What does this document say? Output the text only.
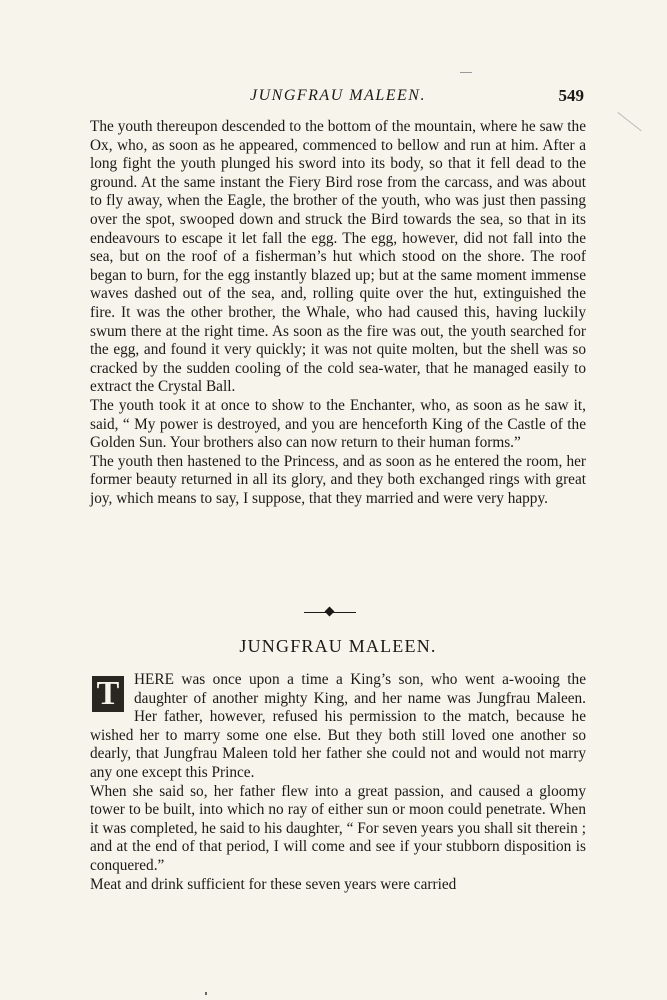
JUNGFRAU MALEEN.	549

The youth thereupon descended to the bottom of the mountain, where he saw the Ox, who, as soon as he appeared, commenced to bellow and run at him. After a long fight the youth plunged his sword into its body, so that it fell dead to the ground. At the same instant the Fiery Bird rose from the carcass, and was about to fly away, when the Eagle, the brother of the youth, who was just then passing over the spot, swooped down and struck the Bird towards the sea, so that in its endeavours to escape it let fall the egg. The egg, however, did not fall into the sea, but on the roof of a fisherman’s hut which stood on the shore. The roof began to burn, for the egg instantly blazed up; but at the same moment immense waves dashed out of the sea, and, rolling quite over the hut, extinguished the fire. It was the other brother, the Whale, who had caused this, having luckily swum there at the right time. As soon as the fire was out, the youth searched for the egg, and found it very quickly; it was not quite molten, but the shell was so cracked by the sudden cooling of the cold sea-water, that he managed easily to extract the Crystal Ball.

The youth took it at once to show to the Enchanter, who, as soon as he saw it, said, “ My power is destroyed, and you are henceforth King of the Castle of the Golden Sun. Your brothers also can now return to their human forms.”

The youth then hastened to the Princess, and as soon as he entered the room, her former beauty returned in all its glory, and they both exchanged rings with great joy, which means to say, I suppose, that they married and were very happy.

JUNGFRAU MALEEN.

T HERE was once upon a time a King’s son, who went a-wooing the daughter of another mighty King, and her name was Jungfrau Maleen. Her father, however, refused his permission to the match, because he wished her to marry some one else. But they both still loved one another so dearly, that Jungfrau Maleen told her father she could not and would not marry any one except this Prince.

When she said so, her father flew into a great passion, and caused a gloomy tower to be built, into which no ray of either sun or moon could penetrate. When it was completed, he said to his daughter, “ For seven years you shall sit therein ; and at the end of that period, I will come and see if your stubborn disposition is conquered.”

Meat and drink sufficient for these seven years were carried
